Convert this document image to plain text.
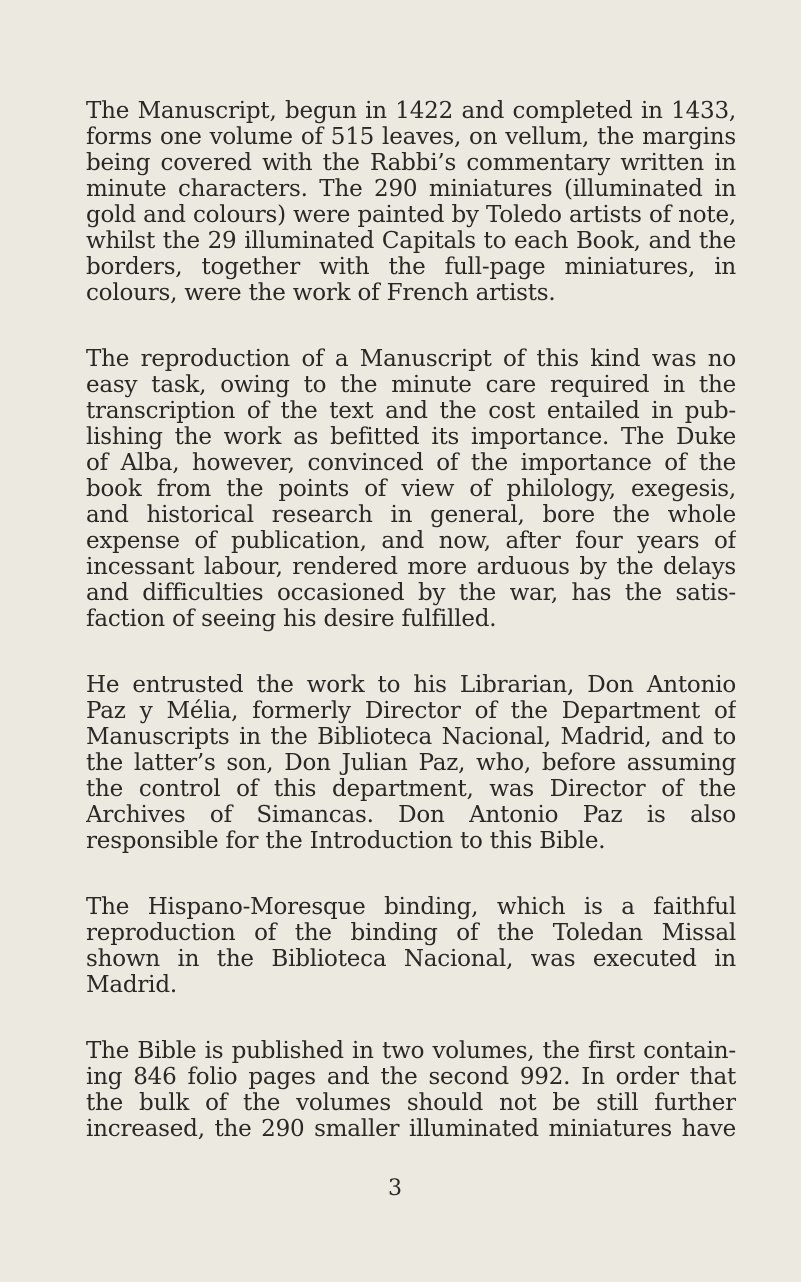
The Manuscript, begun in 1422 and completed in 1433,
forms one volume of 515 leaves, on vellum, the margins
being covered with the Rabbi’s commentary written in
minute characters. The 290 miniatures (illuminated in
gold and colours) were painted by Toledo artists of note,
whilst the 29 illuminated Capitals to each Book, and the
borders, together with the full-page miniatures, in
colours, were the work of French artists.

The reproduction of a Manuscript of this kind was no
easy task, owing to the minute care required in the
transcription of the text and the cost entailed in pub-
lishing the work as befitted its importance. The Duke
of Alba, however, convinced of the importance of the
book from the points of view of philology, exegesis,
and historical research in general, bore the whole
expense of publication, and now, after four years of
incessant labour, rendered more arduous by the delays
and difficulties occasioned by the war, has the satis-
faction of seeing his desire fulfilled.

He entrusted the work to his Librarian, Don Antonio
Paz y Mélia, formerly Director of the Department of
Manuscripts in the Biblioteca Nacional, Madrid, and to
the latter’s son, Don Julian Paz, who, before assuming
the control of this department, was Director of the
Archives of Simancas. Don Antonio Paz is also
responsible for the Introduction to this Bible.

The Hispano-Moresque binding, which is a faithful
reproduction of the binding of the Toledan Missal
shown in the Biblioteca Nacional, was executed in
Madrid.

The Bible is published in two volumes, the first contain-
ing 846 folio pages and the second 992. In order that
the bulk of the volumes should not be still further
increased, the 290 smaller illuminated miniatures have

3
